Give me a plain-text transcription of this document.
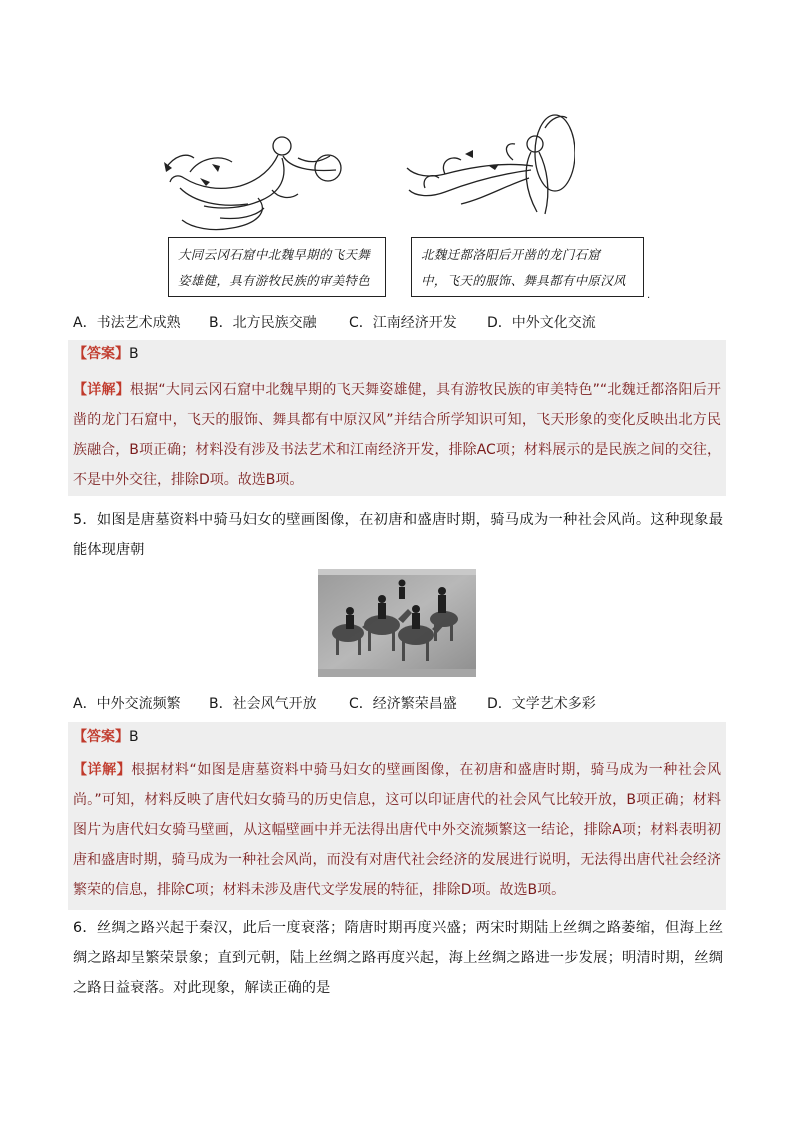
大同云冈石窟中北魏早期的飞天舞
姿雄健，具有游牧民族的审美特色
北魏迁都洛阳后开凿的龙门石窟
中，飞天的服饰、舞具都有中原汉风
.
A．书法艺术成熟 B．北方民族交融 C．江南经济开发 D．中外文化交流
【答案】B
【详解】根据“大同云冈石窟中北魏早期的飞天舞姿雄健，具有游牧民族的审美特色”“北魏迁都洛阳后开凿的龙门石窟中，飞天的服饰、舞具都有中原汉风”并结合所学知识可知，飞天形象的变化反映出北方民族融合，B项正确；材料没有涉及书法艺术和江南经济开发，排除AC项；材料展示的是民族之间的交往，不是中外交往，排除D项。故选B项。
5．如图是唐墓资料中骑马妇女的壁画图像，在初唐和盛唐时期，骑马成为一种社会风尚。这种现象最能体现唐朝
A．中外交流频繁 B．社会风气开放 C．经济繁荣昌盛 D．文学艺术多彩
【答案】B
【详解】根据材料“如图是唐墓资料中骑马妇女的壁画图像，在初唐和盛唐时期，骑马成为一种社会风尚。”可知，材料反映了唐代妇女骑马的历史信息，这可以印证唐代的社会风气比较开放，B项正确；材料图片为唐代妇女骑马壁画，从这幅壁画中并无法得出唐代中外交流频繁这一结论，排除A项；材料表明初唐和盛唐时期，骑马成为一种社会风尚，而没有对唐代社会经济的发展进行说明，无法得出唐代社会经济繁荣的信息，排除C项；材料未涉及唐代文学发展的特征，排除D项。故选B项。
6．丝绸之路兴起于秦汉，此后一度衰落；隋唐时期再度兴盛；两宋时期陆上丝绸之路萎缩，但海上丝绸之路却呈繁荣景象；直到元朝，陆上丝绸之路再度兴起，海上丝绸之路进一步发展；明清时期，丝绸之路日益衰落。对此现象，解读正确的是
